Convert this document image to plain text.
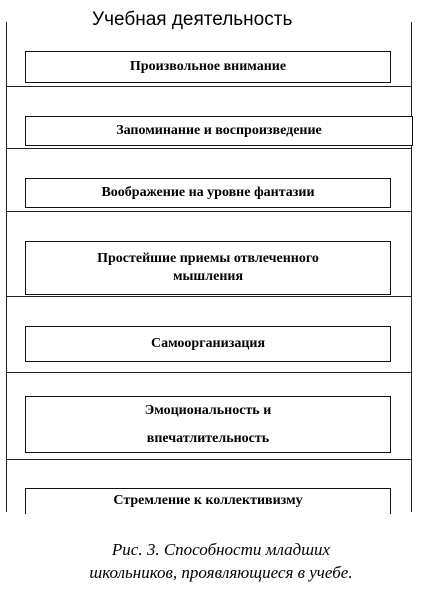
Учебная деятельность
Произвольное внимание
Запоминание и воспроизведение
Воображение на уровне фантазии
Простейшие приемы отвлеченного
мышления
Самоорганизация
Эмоциональность и
впечатлительность
Стремление к коллективизму
Рис. 3. Способности младших
школьников, проявляющиеся в учебе.
